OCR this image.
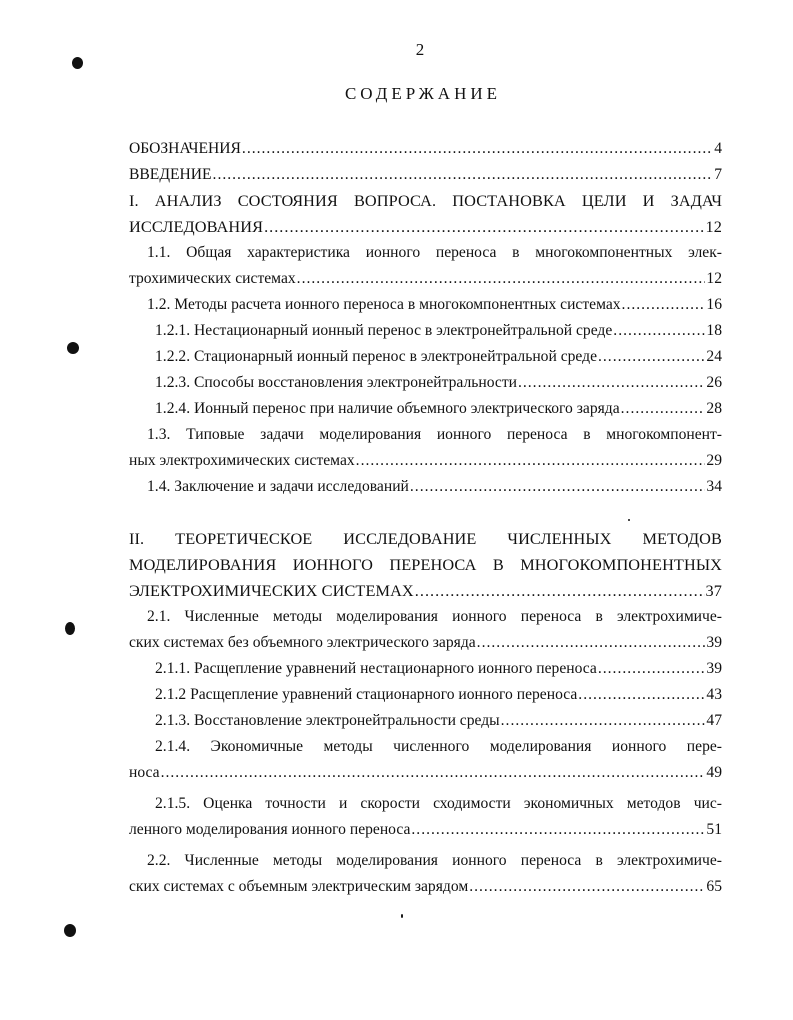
2
СОДЕРЖАНИЕ
ОБОЗНАЧЕНИЯ .....	4
ВВЕДЕНИЕ .....	7
I. АНАЛИЗ СОСТОЯНИЯ ВОПРОСА. ПОСТАНОВКА ЦЕЛИ И ЗАДАЧ
ИССЛЕДОВАНИЯ .....	12
1.1. Общая характеристика ионного переноса в многокомпонентных элек-
трохимических системах .....	12
1.2. Методы расчета ионного переноса в многокомпонентных системах .....	16
1.2.1. Нестационарный ионный перенос в электронейтральной среде .....	18
1.2.2. Стационарный ионный перенос в электронейтральной среде .....	24
1.2.3. Способы восстановления электронейтральности .....	26
1.2.4. Ионный перенос при наличие объемного электрического заряда .....	28
1.3. Типовые задачи моделирования ионного переноса в многокомпонент-
ных электрохимических системах .....	29
1.4. Заключение и задачи исследований .....	34
II. ТЕОРЕТИЧЕСКОЕ ИССЛЕДОВАНИЕ ЧИСЛЕННЫХ МЕТОДОВ
МОДЕЛИРОВАНИЯ ИОННОГО ПЕРЕНОСА В МНОГОКОМПОНЕНТНЫХ
ЭЛЕКТРОХИМИЧЕСКИХ СИСТЕМАХ .....	37
2.1. Численные методы моделирования ионного переноса в электрохимиче-
ских системах без объемного электрического заряда .....	39
2.1.1. Расщепление уравнений нестационарного ионного переноса .....	39
2.1.2 Расщепление уравнений стационарного ионного переноса .....	43
2.1.3. Восстановление электронейтральности среды .....	47
2.1.4. Экономичные методы численного моделирования ионного пере-
носа .....	49
2.1.5. Оценка точности и скорости сходимости экономичных методов чис-
ленного моделирования ионного переноса .....	51
2.2. Численные методы моделирования ионного переноса в электрохимиче-
ских системах с объемным электрическим зарядом .....	65
